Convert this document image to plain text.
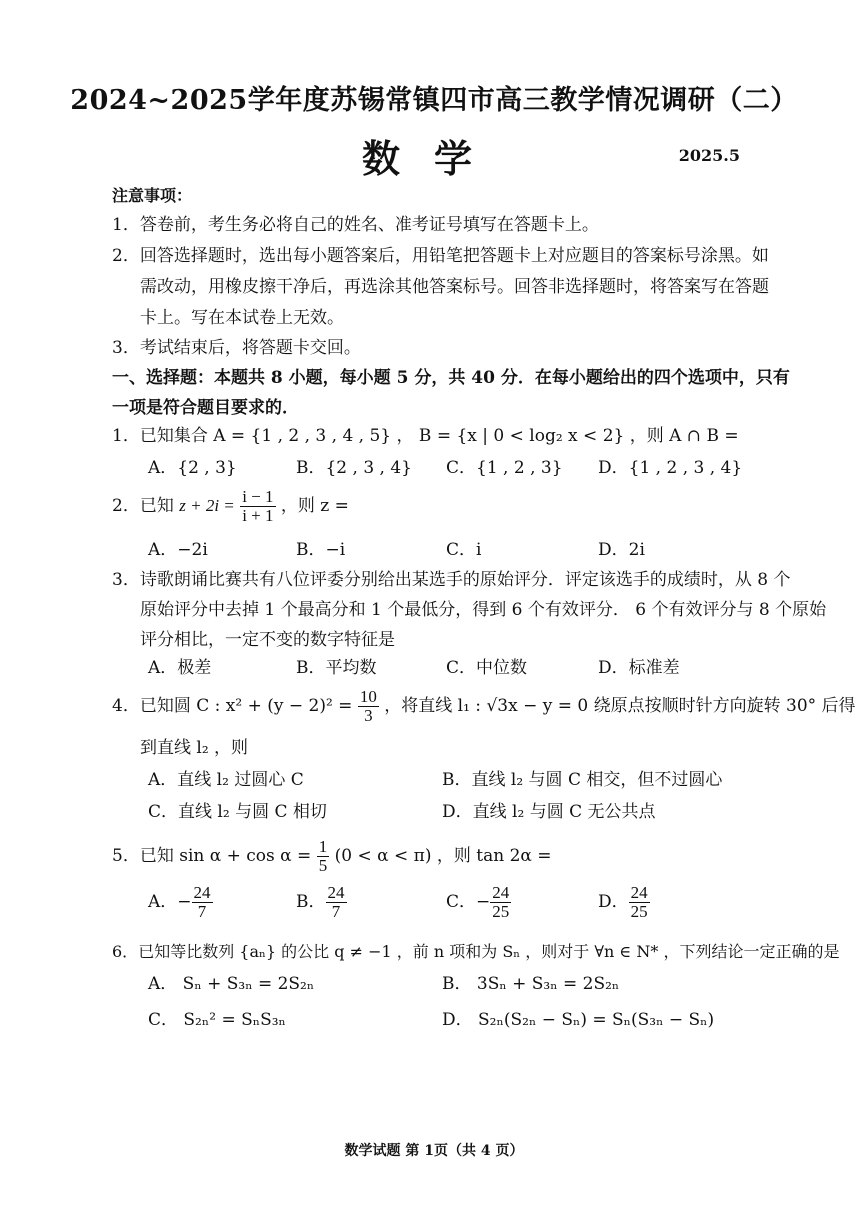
2024~2025学年度苏锡常镇四市高三教学情况调研（二）
数学	2025.5
注意事项：
1．答卷前，考生务必将自己的姓名、准考证号填写在答题卡上。
2．回答选择题时，选出每小题答案后，用铅笔把答题卡上对应题目的答案标号涂黑。如
需改动，用橡皮擦干净后，再选涂其他答案标号。回答非选择题时，将答案写在答题
卡上。写在本试卷上无效。
3．考试结束后，将答题卡交回。
一、选择题：本题共 8 小题，每小题 5 分，共 40 分．在每小题给出的四个选项中，只有
一项是符合题目要求的．
1．已知集合 A = {1 , 2 , 3 , 4 , 5} ， B = {x | 0 < log₂ x < 2} ，则 A ∩ B =
A．{2 , 3}	B．{2 , 3 , 4} C．{1 , 2 , 3} D．{1 , 2 , 3 , 4}
2．已知 $z + 2i = \frac{i - 1}{i + 1}$ ，则 z =
A．−2i	B．−i	C．i	D．2i
3．诗歌朗诵比赛共有八位评委分别给出某选手的原始评分．评定该选手的成绩时，从 8 个
原始评分中去掉 1 个最高分和 1 个最低分，得到 6 个有效评分． 6 个有效评分与 8 个原始
评分相比，一定不变的数字特征是
A．极差	B．平均数	C．中位数	D．标准差
4．已知圆 C : $x^2 + (y - 2)^2 = \frac{10}{3}$ ，将直线 l₁ : √3x − y = 0 绕原点按顺时针方向旋转 30° 后得
到直线 l₂ ，则
A．直线 l₂ 过圆心 C	B．直线 l₂ 与圆 C 相交，但不过圆心
C．直线 l₂ 与圆 C 相切	D．直线 l₂ 与圆 C 无公共点
5．已知 $\sin \alpha + \cos \alpha = \frac{1}{5} (0 < \alpha < \pi)$ ，则 tan 2α =
A．− $\frac{24}{7}$	B． $\frac{24}{7}$	C．− $\frac{24}{25}$	D． $\frac{24}{25}$
6．已知等比数列 {aₙ} 的公比 q ≠ −1 ，前 n 项和为 Sₙ ，则对于 ∀n ∈ N* ，下列结论一定正确的是
A． Sₙ + S₃ₙ = 2S₂ₙ	B． 3Sₙ + S₃ₙ = 2S₂ₙ
C． S₂ₙ² = SₙS₃ₙ	D． S₂ₙ(S₂ₙ − Sₙ) = Sₙ(S₃ₙ − Sₙ)
数学试题 第 1页（共 4 页）
